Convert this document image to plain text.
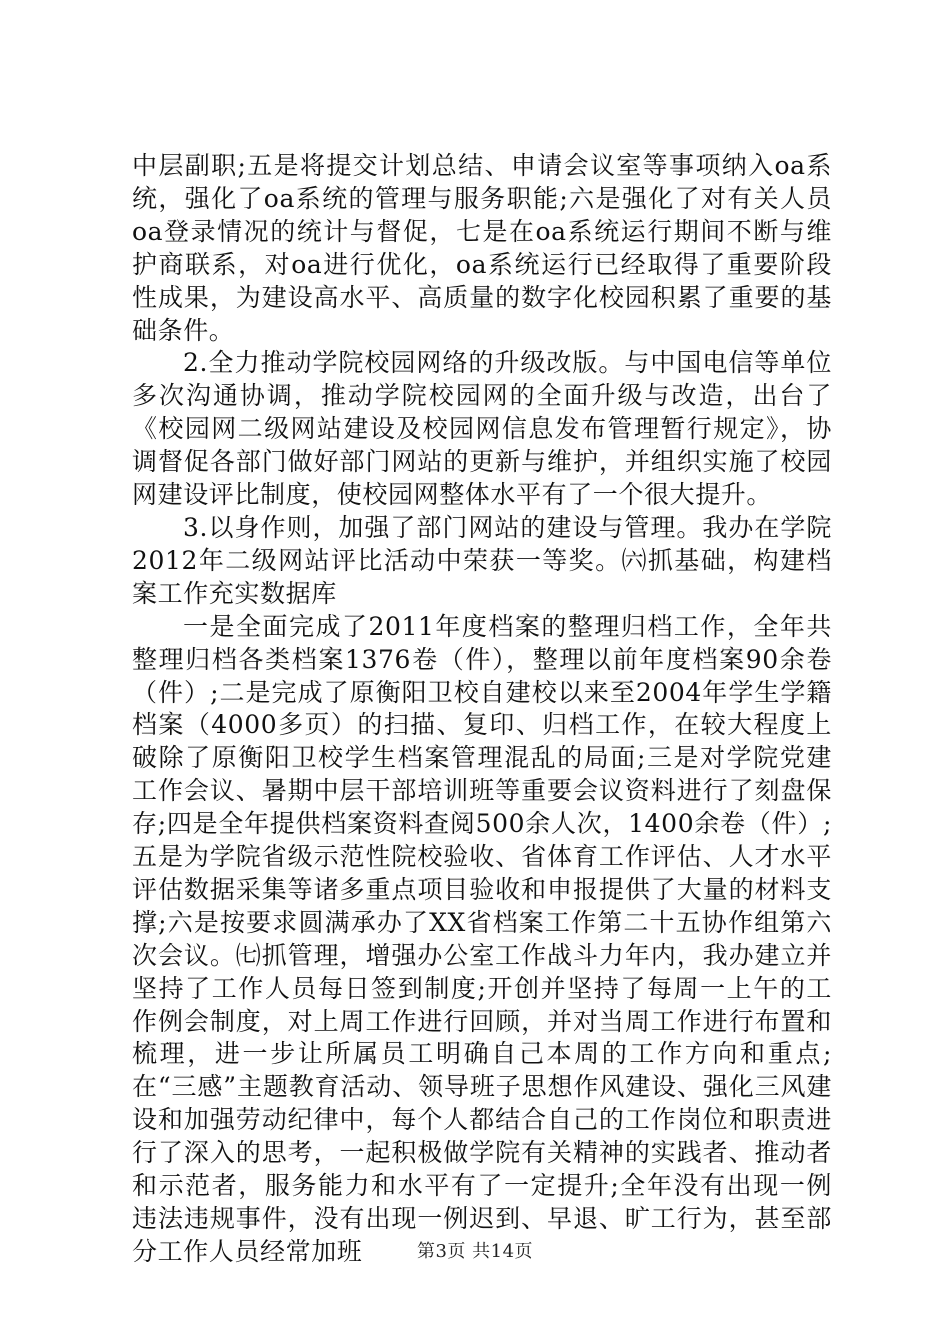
中层副职;五是将提交计划总结、申请会议室等事项纳入oa系统，强化了oa系统的管理与服务职能;六是强化了对有关人员oa登录情况的统计与督促，七是在oa系统运行期间不断与维护商联系，对oa进行优化，oa系统运行已经取得了重要阶段性成果，为建设高水平、高质量的数字化校园积累了重要的基础条件。

2.全力推动学院校园网络的升级改版。与中国电信等单位多次沟通协调，推动学院校园网的全面升级与改造，出台了《校园网二级网站建设及校园网信息发布管理暂行规定》，协调督促各部门做好部门网站的更新与维护，并组织实施了校园网建设评比制度，使校园网整体水平有了一个很大提升。

3.以身作则，加强了部门网站的建设与管理。我办在学院2012年二级网站评比活动中荣获一等奖。㈥抓基础，构建档案工作充实数据库

一是全面完成了2011年度档案的整理归档工作，全年共整理归档各类档案1376卷（件），整理以前年度档案90余卷（件）;二是完成了原衡阳卫校自建校以来至2004年学生学籍档案（4000多页）的扫描、复印、归档工作，在较大程度上破除了原衡阳卫校学生档案管理混乱的局面;三是对学院党建工作会议、暑期中层干部培训班等重要会议资料进行了刻盘保存;四是全年提供档案资料查阅500余人次，1400余卷（件）;五是为学院省级示范性院校验收、省体育工作评估、人才水平评估数据采集等诸多重点项目验收和申报提供了大量的材料支撑;六是按要求圆满承办了XX省档案工作第二十五协作组第六次会议。㈦抓管理，增强办公室工作战斗力年内，我办建立并坚持了工作人员每日签到制度;开创并坚持了每周一上午的工作例会制度，对上周工作进行回顾，并对当周工作进行布置和梳理，进一步让所属员工明确自己本周的工作方向和重点;在“三感”主题教育活动、领导班子思想作风建设、强化三风建设和加强劳动纪律中，每个人都结合自己的工作岗位和职责进行了深入的思考，一起积极做学院有关精神的实践者、推动者和示范者，服务能力和水平有了一定提升;全年没有出现一例违法违规事件，没有出现一例迟到、早退、旷工行为，甚至部分工作人员经常加班	第3页 共14页
